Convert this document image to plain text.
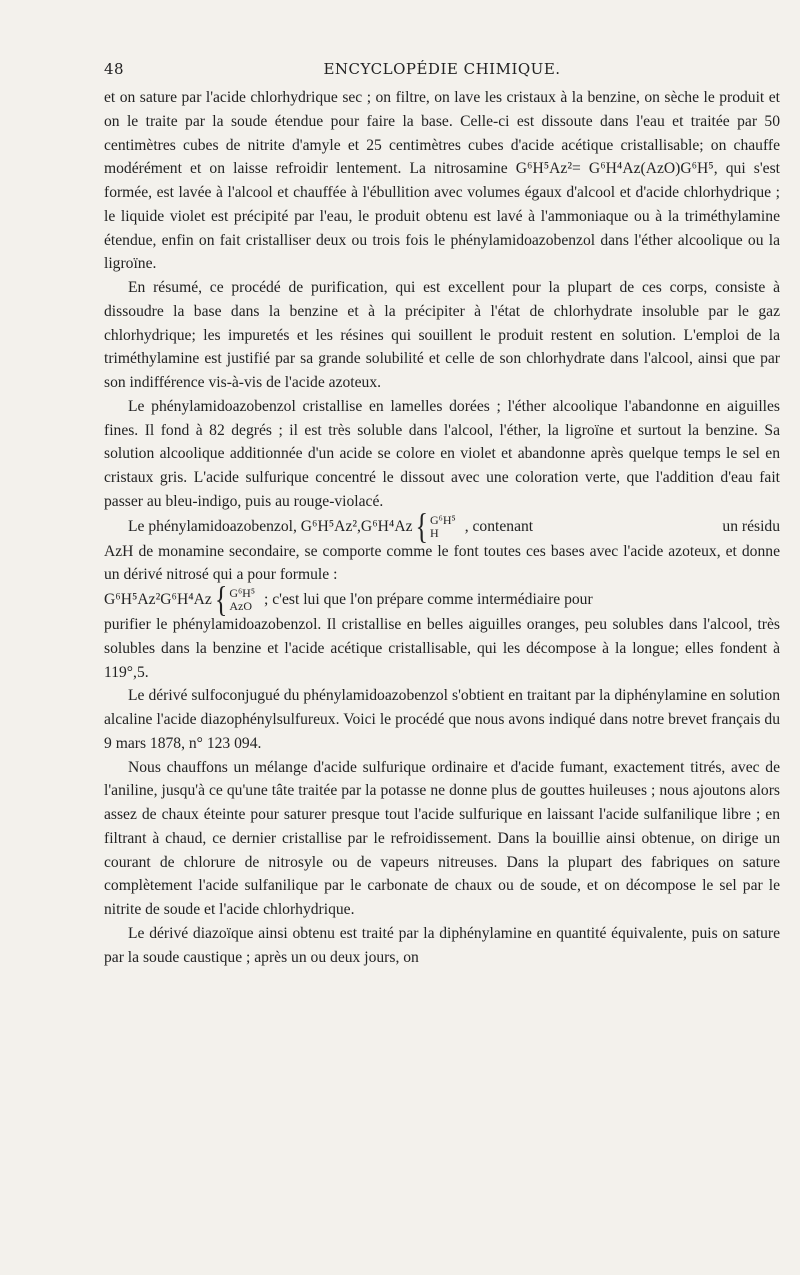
48	ENCYCLOPÉDIE CHIMIQUE.

et on sature par l'acide chlorhydrique sec ; on filtre, on lave les cristaux à la benzine, on sèche le produit et on le traite par la soude étendue pour faire la base. Celle-ci est dissoute dans l'eau et traitée par 50 centimètres cubes de nitrite d'amyle et 25 centimètres cubes d'acide acétique cristallisable; on chauffe modérément et on laisse refroidir lentement. La nitrosamine G⁶H⁵Az²= G⁶H⁴Az(AzO)G⁶H⁵, qui s'est formée, est lavée à l'alcool et chauffée à l'ébullition avec volumes égaux d'alcool et d'acide chlorhydrique ; le liquide violet est précipité par l'eau, le produit obtenu est lavé à l'ammoniaque ou à la triméthylamine étendue, enfin on fait cristalliser deux ou trois fois le phénylamidoazobenzol dans l'éther alcoolique ou la ligroïne.

En résumé, ce procédé de purification, qui est excellent pour la plupart de ces corps, consiste à dissoudre la base dans la benzine et à la précipiter à l'état de chlorhydrate insoluble par le gaz chlorhydrique; les impuretés et les résines qui souillent le produit restent en solution. L'emploi de la triméthylamine est justifié par sa grande solubilité et celle de son chlorhydrate dans l'alcool, ainsi que par son indifférence vis-à-vis de l'acide azoteux.

Le phénylamidoazobenzol cristallise en lamelles dorées ; l'éther alcoolique l'abandonne en aiguilles fines. Il fond à 82 degrés ; il est très soluble dans l'alcool, l'éther, la ligroïne et surtout la benzine. Sa solution alcoolique additionnée d'un acide se colore en violet et abandonne après quelque temps le sel en cristaux gris. L'acide sulfurique concentré le dissout avec une coloration verte, que l'addition d'eau fait passer au bleu-indigo, puis au rouge-violacé.

Le phénylamidoazobenzol,
G⁶H⁵Az²,G⁶H⁴Az { G⁶H⁵
H	, contenant	un résidu

AzH de monamine secondaire, se comporte comme le font toutes ces bases avec l'acide azoteux, et donne un dérivé nitrosé qui a pour formule :

G⁶H⁵Az²G⁶H⁴Az { G⁶H⁵
AzO ; c'est lui que l'on prépare comme intermédiaire pour

purifier le phénylamidoazobenzol. Il cristallise en belles aiguilles oranges, peu solubles dans l'alcool, très solubles dans la benzine et l'acide acétique cristallisable, qui les décompose à la longue; elles fondent à 119°,5.

Le dérivé sulfoconjugué du phénylamidoazobenzol s'obtient en traitant par la diphénylamine en solution alcaline l'acide diazophénylsulfureux. Voici le procédé que nous avons indiqué dans notre brevet français du 9 mars 1878, n° 123 094.

Nous chauffons un mélange d'acide sulfurique ordinaire et d'acide fumant, exactement titrés, avec de l'aniline, jusqu'à ce qu'une tâte traitée par la potasse ne donne plus de gouttes huileuses ; nous ajoutons alors assez de chaux éteinte pour saturer presque tout l'acide sulfurique en laissant l'acide sulfanilique libre ; en filtrant à chaud, ce dernier cristallise par le refroidissement. Dans la bouillie ainsi obtenue, on dirige un courant de chlorure de nitrosyle ou de vapeurs nitreuses. Dans la plupart des fabriques on sature complètement l'acide sulfanilique par le carbonate de chaux ou de soude, et on décompose le sel par le nitrite de soude et l'acide chlorhydrique.

Le dérivé diazoïque ainsi obtenu est traité par la diphénylamine en quantité équivalente, puis on sature par la soude caustique ; après un ou deux jours, on
